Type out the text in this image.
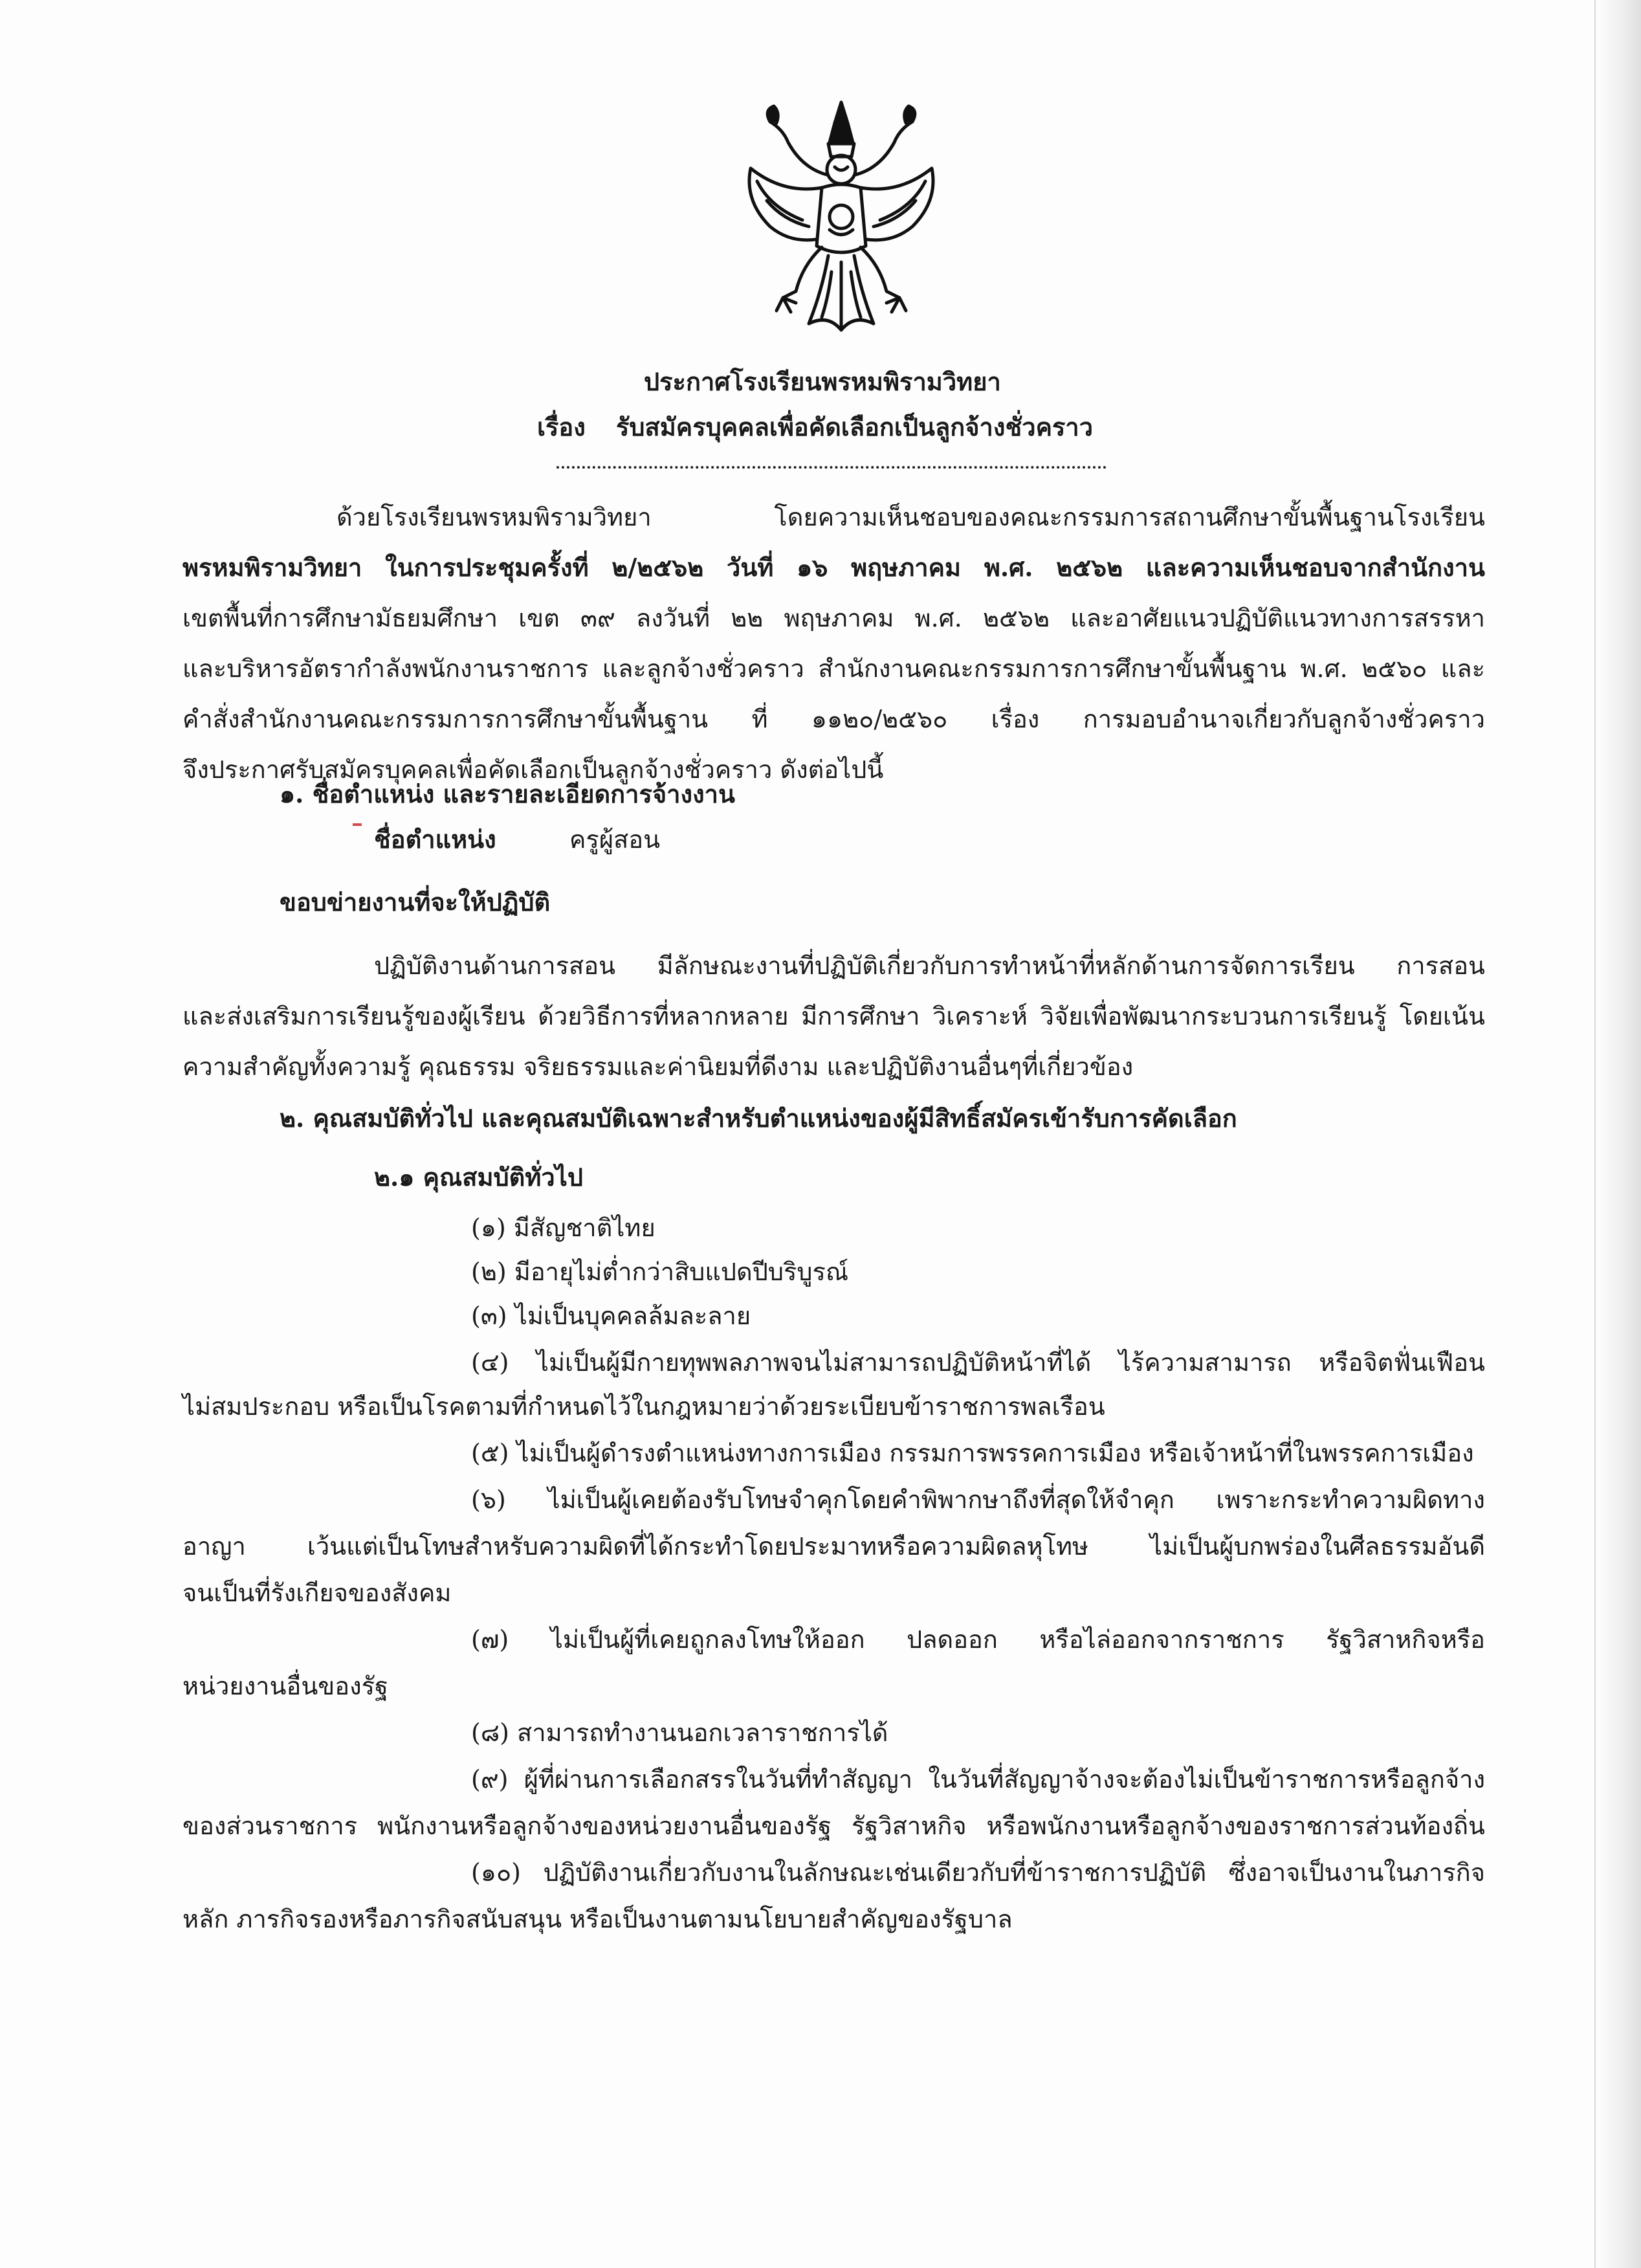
ประกาศโรงเรียนพรหมพิรามวิทยา
เรื่อง รับสมัครบุคคลเพื่อคัดเลือกเป็นลูกจ้างชั่วคราว
ด้วยโรงเรียนพรหมพิรามวิทยา โดยความเห็นชอบของคณะกรรมการสถานศึกษาขั้นพื้นฐานโรงเรียน
พรหมพิรามวิทยา ในการประชุมครั้งที่ ๒/๒๕๖๒ วันที่ ๑๖ พฤษภาคม พ.ศ. ๒๕๖๒ และความเห็นชอบจากสำนักงาน
เขตพื้นที่การศึกษามัธยมศึกษา เขต ๓๙ ลงวันที่ ๒๒ พฤษภาคม พ.ศ. ๒๕๖๒ และอาศัยแนวปฏิบัติแนวทางการสรรหา
และบริหารอัตรากำลังพนักงานราชการ และลูกจ้างชั่วคราว สำนักงานคณะกรรมการการศึกษาขั้นพื้นฐาน พ.ศ. ๒๕๖๐ และ
คำสั่งสำนักงานคณะกรรมการการศึกษาขั้นพื้นฐาน ที่ ๑๑๒๐/๒๕๖๐ เรื่อง การมอบอำนาจเกี่ยวกับลูกจ้างชั่วคราว
จึงประกาศรับสมัครบุคคลเพื่อคัดเลือกเป็นลูกจ้างชั่วคราว ดังต่อไปนี้
๑. ชื่อตำแหน่ง และรายละเอียดการจ้างงาน
ชื่อตำแหน่ง	ครูผู้สอน
ขอบข่ายงานที่จะให้ปฏิบัติ
ปฏิบัติงานด้านการสอน มีลักษณะงานที่ปฏิบัติเกี่ยวกับการทำหน้าที่หลักด้านการจัดการเรียน การสอน
และส่งเสริมการเรียนรู้ของผู้เรียน ด้วยวิธีการที่หลากหลาย มีการศึกษา วิเคราะห์ วิจัยเพื่อพัฒนากระบวนการเรียนรู้ โดยเน้น
ความสำคัญทั้งความรู้ คุณธรรม จริยธรรมและค่านิยมที่ดีงาม และปฏิบัติงานอื่นๆที่เกี่ยวข้อง
๒. คุณสมบัติทั่วไป และคุณสมบัติเฉพาะสำหรับตำแหน่งของผู้มีสิทธิ์สมัครเข้ารับการคัดเลือก
๒.๑ คุณสมบัติทั่วไป
(๑) มีสัญชาติไทย
(๒) มีอายุไม่ต่ำกว่าสิบแปดปีบริบูรณ์
(๓) ไม่เป็นบุคคลล้มละลาย
(๔) ไม่เป็นผู้มีกายทุพพลภาพจนไม่สามารถปฏิบัติหน้าที่ได้ ไร้ความสามารถ หรือจิตฟั่นเฟือน
ไม่สมประกอบ หรือเป็นโรคตามที่กำหนดไว้ในกฎหมายว่าด้วยระเบียบข้าราชการพลเรือน
(๕) ไม่เป็นผู้ดำรงตำแหน่งทางการเมือง กรรมการพรรคการเมือง หรือเจ้าหน้าที่ในพรรคการเมือง
(๖) ไม่เป็นผู้เคยต้องรับโทษจำคุกโดยคำพิพากษาถึงที่สุดให้จำคุก เพราะกระทำความผิดทาง
อาญา เว้นแต่เป็นโทษสำหรับความผิดที่ได้กระทำโดยประมาทหรือความผิดลหุโทษ ไม่เป็นผู้บกพร่องในศีลธรรมอันดี
จนเป็นที่รังเกียจของสังคม
(๗) ไม่เป็นผู้ที่เคยถูกลงโทษให้ออก ปลดออก หรือไล่ออกจากราชการ รัฐวิสาหกิจหรือ
หน่วยงานอื่นของรัฐ
(๘) สามารถทำงานนอกเวลาราชการได้
(๙) ผู้ที่ผ่านการเลือกสรรในวันที่ทำสัญญา ในวันที่สัญญาจ้างจะต้องไม่เป็นข้าราชการหรือลูกจ้าง
ของส่วนราชการ พนักงานหรือลูกจ้างของหน่วยงานอื่นของรัฐ รัฐวิสาหกิจ หรือพนักงานหรือลูกจ้างของราชการส่วนท้องถิ่น
(๑๐) ปฏิบัติงานเกี่ยวกับงานในลักษณะเช่นเดียวกับที่ข้าราชการปฏิบัติ ซึ่งอาจเป็นงานในภารกิจ
หลัก ภารกิจรองหรือภารกิจสนับสนุน หรือเป็นงานตามนโยบายสำคัญของรัฐบาล
